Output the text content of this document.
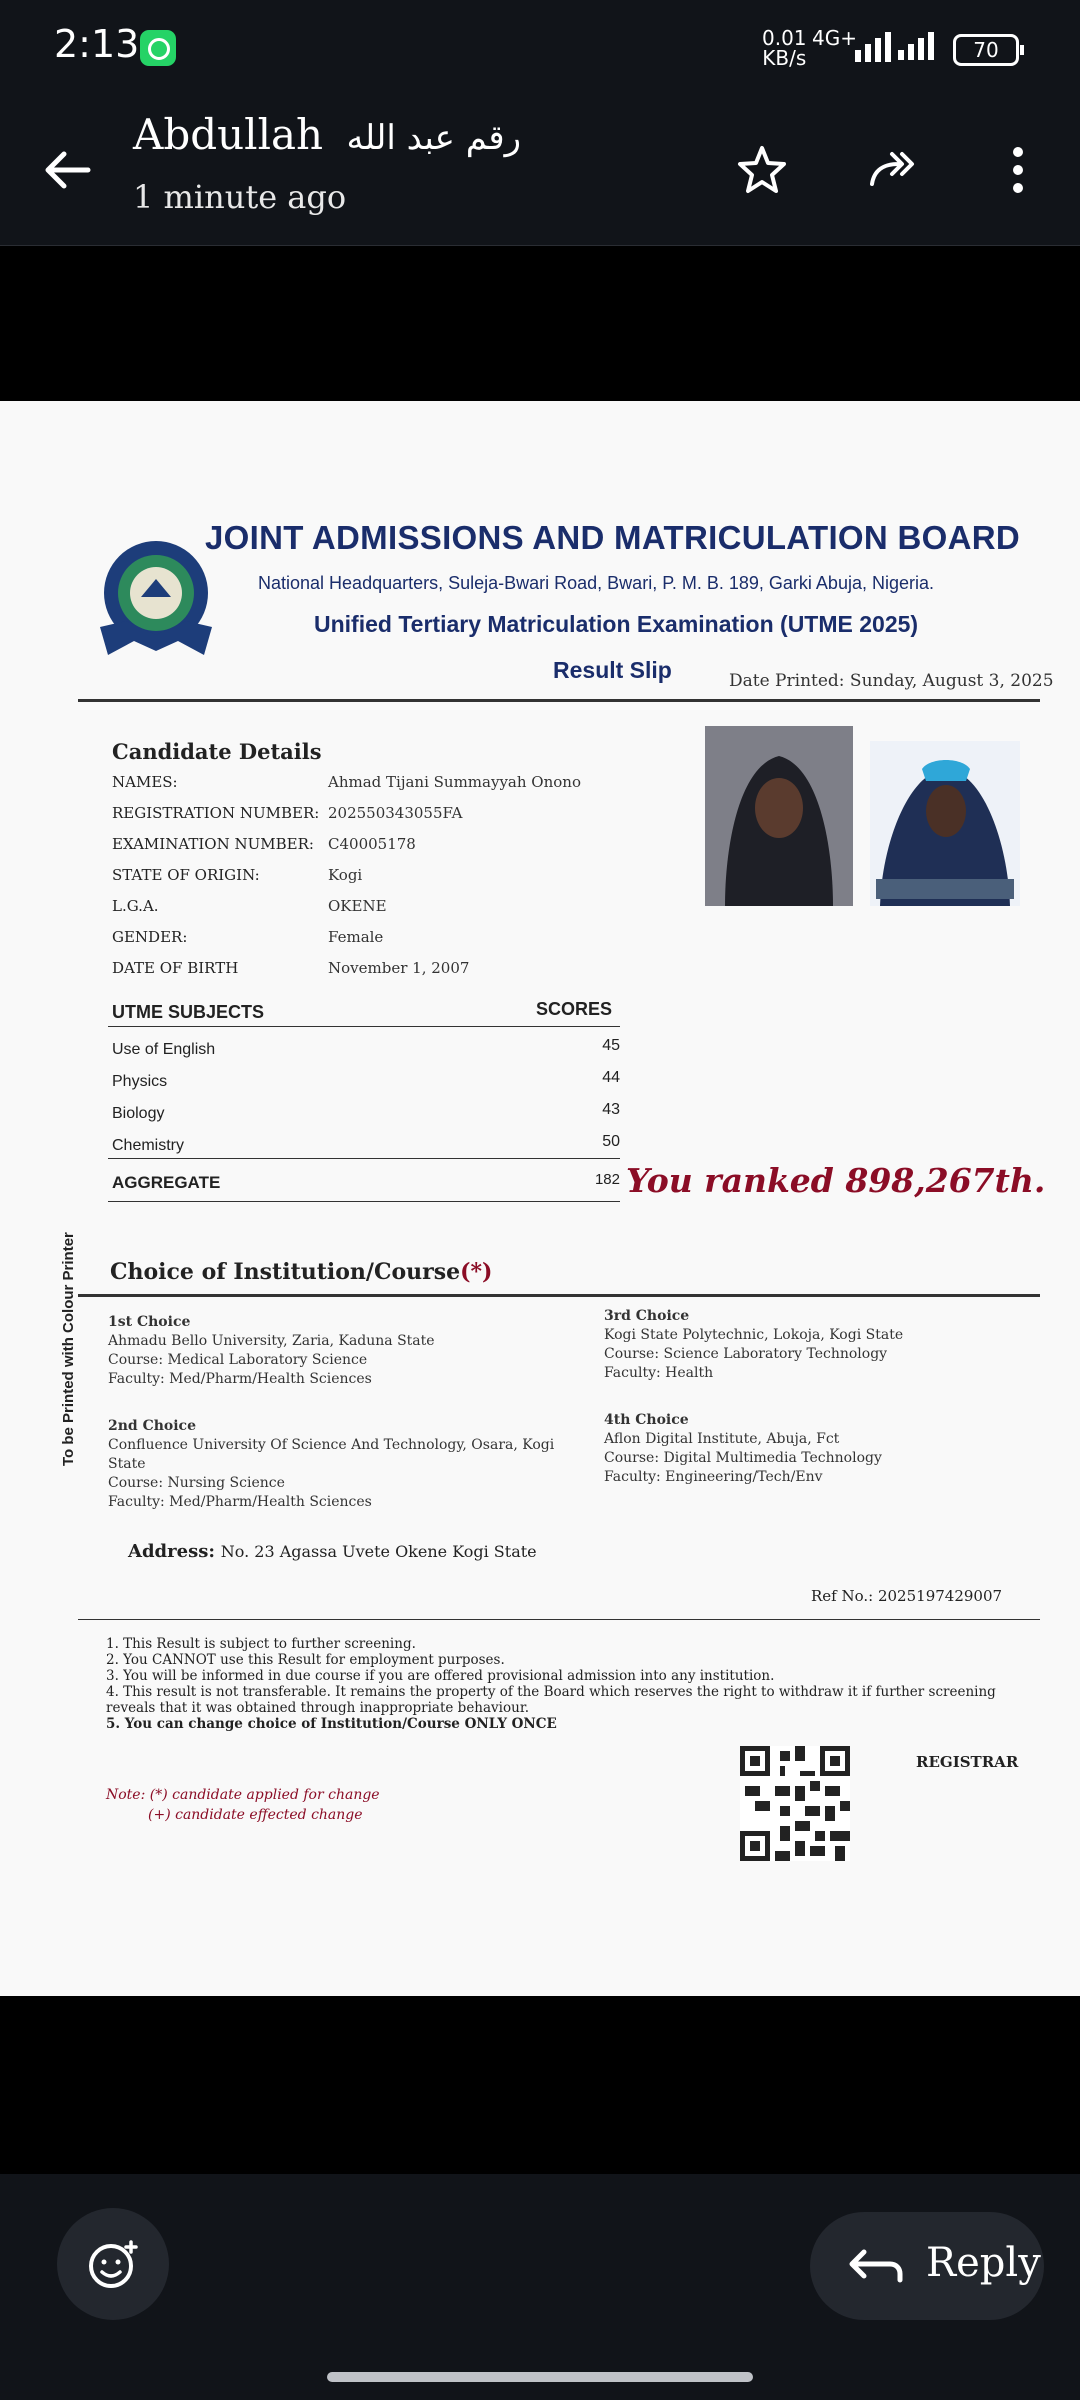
2:13	0.01
KB/s
4G+	70
Abdullah رقم عبد الله
1 minute ago
JOINT ADMISSIONS AND MATRICULATION BOARD
National Headquarters, Suleja-Bwari Road, Bwari, P. M. B. 189, Garki Abuja, Nigeria.
Unified Tertiary Matriculation Examination (UTME 2025)
Result Slip	Date Printed: Sunday, August 3, 2025
Candidate Details
NAMES:	Ahmad Tijani Summayyah Onono
REGISTRATION NUMBER: 202550343055FA
EXAMINATION NUMBER: C40005178
STATE OF ORIGIN:	Kogi
L.G.A.	OKENE
GENDER:	Female
DATE OF BIRTH	November 1, 2007
UTME SUBJECTS	SCORES
Use of English	45
Physics	44
Biology	43
Chemistry	50
AGGREGATE	182 You ranked 898,267th.
To be Printed with Colour Printer Choice of Institution/Course(*)
1st Choice
Ahmadu Bello University, Zaria, Kaduna State
Course: Medical Laboratory Science
Faculty: Med/Pharm/Health Sciences
2nd Choice
Confluence University Of Science And Technology, Osara, Kogi State
Course: Nursing Science
Faculty: Med/Pharm/Health Sciences
3rd Choice
Kogi State Polytechnic, Lokoja, Kogi State
Course: Science Laboratory Technology
Faculty: Health
4th Choice
Aflon Digital Institute, Abuja, Fct
Course: Digital Multimedia Technology
Faculty: Engineering/Tech/Env
Address: No. 23 Agassa Uvete Okene Kogi State
Ref No.: 2025197429007
1. This Result is subject to further screening.
2. You CANNOT use this Result for employment purposes.
3. You will be informed in due course if you are offered provisional admission into any institution.
4. This result is not transferable. It remains the property of the Board which reserves the right to withdraw it if further screening reveals that it was obtained through inappropriate behaviour.
5. You can change choice of Institution/Course ONLY ONCE
Note: (*) candidate applied for change
(+) candidate effected change
REGISTRAR
Reply
